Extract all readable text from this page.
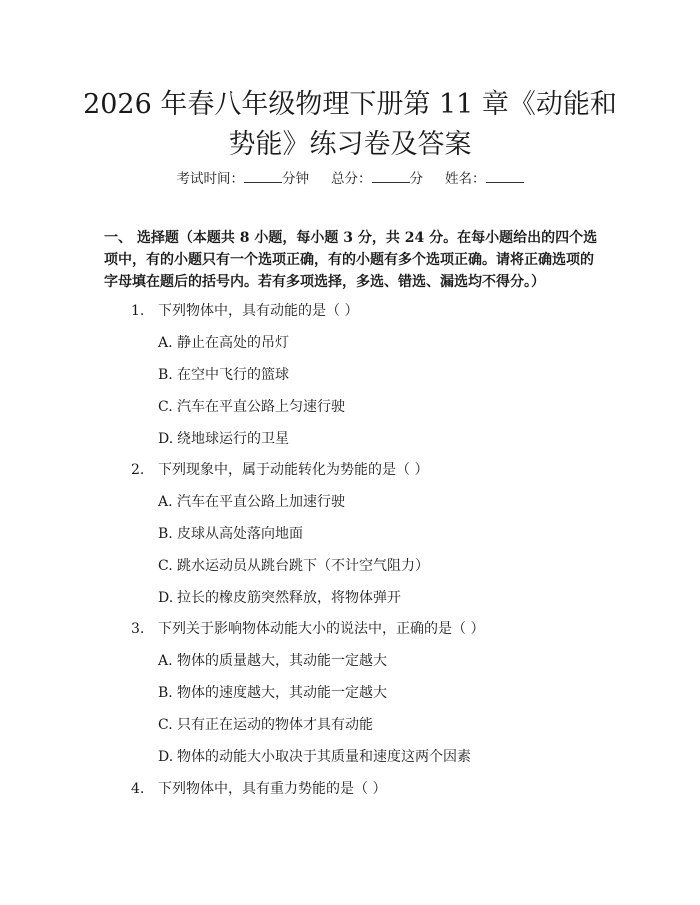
2026 年春八年级物理下册第 11 章《动能和
势能》练习卷及答案
考试时间：	分钟 总分：	分 姓名：

一、 选择题（本题共 8 小题，每小题 3 分，共 24 分。在每小题给出的四个选项中，有的小题只有一个选项正确，有的小题有多个选项正确。请将正确选项的字母填在题后的括号内。若有多项选择，多选、错选、漏选均不得分。）

1. 下列物体中，具有动能的是（ ）
A. 静止在高处的吊灯
B. 在空中飞行的篮球
C. 汽车在平直公路上匀速行驶
D. 绕地球运行的卫星
2. 下列现象中，属于动能转化为势能的是（ ）
A. 汽车在平直公路上加速行驶
B. 皮球从高处落向地面
C. 跳水运动员从跳台跳下（不计空气阻力）
D. 拉长的橡皮筋突然释放，将物体弹开
3. 下列关于影响物体动能大小的说法中，正确的是（ ）
A. 物体的质量越大，其动能一定越大
B. 物体的速度越大，其动能一定越大
C. 只有正在运动的物体才具有动能
D. 物体的动能大小取决于其质量和速度这两个因素
4. 下列物体中，具有重力势能的是（ ）
